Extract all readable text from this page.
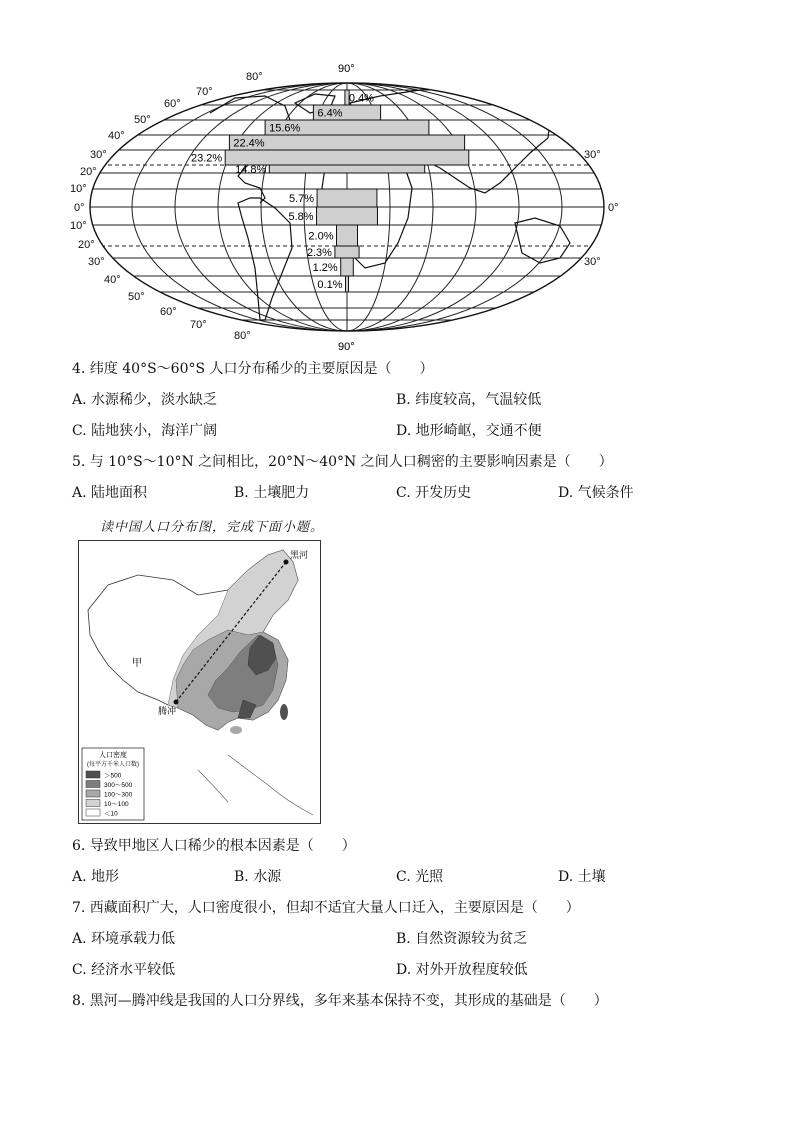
0.4%
6.4%
15.6%
22.4%
23.2%
14.8%
5.7%
5.8%
2.0%
2.3%
1.2%
0.1%
80°
70°
60°
50°
40°
30°
20°
10°
0°
10°
20°
30°
40°
50°
60°
70°
80°
90°
90°
30°
0°
30°
4. 纬度 40°S～60°S 人口分布稀少的主要原因是（　　）
A. 水源稀少，淡水缺乏	B. 纬度较高，气温较低
C. 陆地狭小，海洋广阔	D. 地形崎岖，交通不便
5. 与 10°S～10°N 之间相比，20°N～40°N 之间人口稠密的主要影响因素是（　　）
A. 陆地面积	B. 土壤肥力	C. 开发历史	D. 气候条件
读中国人口分布图，完成下面小题。
黑河
腾冲
甲
人口密度
(每平方千米人口数)
＞500
300～500
100～300
10～100
＜10
6. 导致甲地区人口稀少的根本因素是（　　）
A. 地形	B. 水源	C. 光照	D. 土壤
7. 西藏面积广大，人口密度很小，但却不适宜大量人口迁入，主要原因是（　　）
A. 环境承载力低	B. 自然资源较为贫乏
C. 经济水平较低	D. 对外开放程度较低
8. 黑河—腾冲线是我国的人口分界线，多年来基本保持不变，其形成的基础是（　　）
